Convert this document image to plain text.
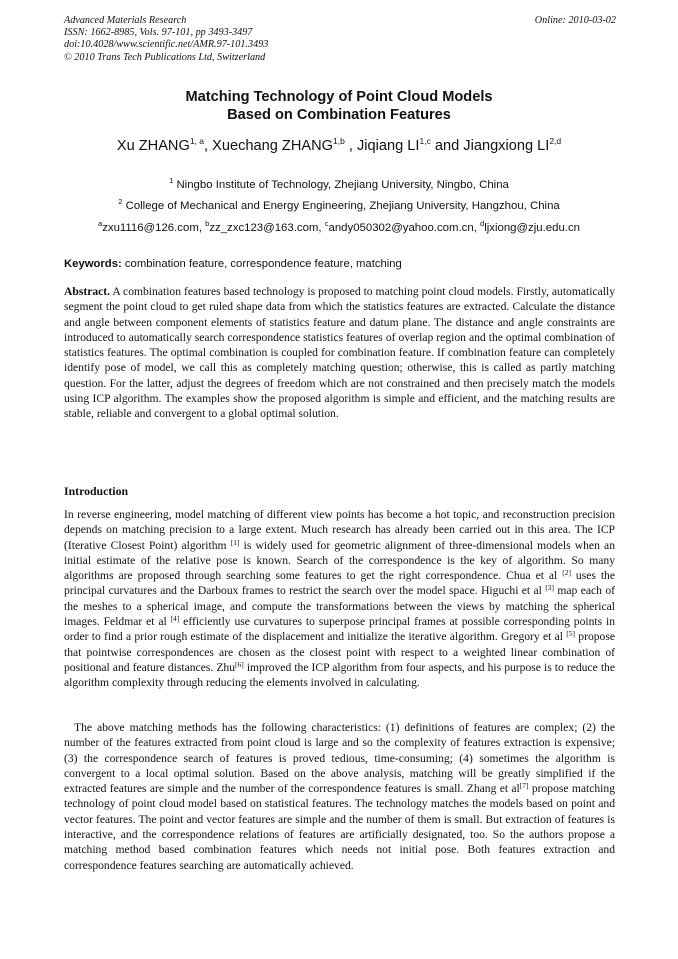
Advanced Materials Research
ISSN: 1662-8985, Vols. 97-101, pp 3493-3497
doi:10.4028/www.scientific.net/AMR.97-101.3493
© 2010 Trans Tech Publications Ltd, Switzerland
Online: 2010-03-02
Matching Technology of Point Cloud Models
Based on Combination Features
Xu ZHANG$^{1, a}$, Xuechang ZHANG$^{1,b}$ , Jiqiang LI$^{1,c}$ and Jiangxiong LI$^{2,d}$
$^1$ Ningbo Institute of Technology, Zhejiang University, Ningbo, China
$^2$ College of Mechanical and Energy Engineering, Zhejiang University, Hangzhou, China
$^a$zxu1116@126.com, $^b$zz_zxc123@163.com, $^c$andy050302@yahoo.com.cn, $^d$ljxiong@zju.edu.cn
Keywords: combination feature, correspondence feature, matching
Abstract. A combination features based technology is proposed to matching point cloud models. Firstly, automatically segment the point cloud to get ruled shape data from which the statistics features are extracted. Calculate the distance and angle between component elements of statistics feature and datum plane. The distance and angle constraints are introduced to automatically search correspondence statistics features of overlap region and the optimal combination of statistics features. The optimal combination is coupled for combination feature. If combination feature can completely identify pose of model, we call this as completely matching question; otherwise, this is called as partly matching question. For the latter, adjust the degrees of freedom which are not constrained and then precisely match the models using ICP algorithm. The examples show the proposed algorithm is simple and efficient, and the matching results are stable, reliable and convergent to a global optimal solution.
Introduction
In reverse engineering, model matching of different view points has become a hot topic, and reconstruction precision depends on matching precision to a large extent. Much research has already been carried out in this area. The ICP (Iterative Closest Point) algorithm [1] is widely used for geometric alignment of three-dimensional models when an initial estimate of the relative pose is known. Search of the correspondence is the key of algorithm. So many algorithms are proposed through searching some features to get the right correspondence. Chua et al [2] uses the principal curvatures and the Darboux frames to restrict the search over the model space. Higuchi et al [3] map each of the meshes to a spherical image, and compute the transformations between the views by matching the spherical images. Feldmar et al [4] efficiently use curvatures to superpose principal frames at possible corresponding points in order to find a prior rough estimate of the displacement and initialize the iterative algorithm. Gregory et al [5] propose that pointwise correspondences are chosen as the closest point with respect to a weighted linear combination of positional and feature distances. Zhu[6] improved the ICP algorithm from four aspects, and his purpose is to reduce the algorithm complexity through reducing the elements involved in calculating.
The above matching methods has the following characteristics: (1) definitions of features are complex; (2) the number of the features extracted from point cloud is large and so the complexity of features extraction is expensive; (3) the correspondence search of features is proved tedious, time-consuming; (4) sometimes the algorithm is convergent to a local optimal solution. Based on the above analysis, matching will be greatly simplified if the extracted features are simple and the number of the correspondence features is small. Zhang et al[7] propose matching technology of point cloud model based on statistical features. The technology matches the models based on point and vector features. The point and vector features are simple and the number of them is small. But extraction of features is interactive, and the correspondence relations of features are artificially designated, too. So the authors propose a matching method based combination features which needs not initial pose. Both features extraction and correspondence features searching are automatically achieved.
